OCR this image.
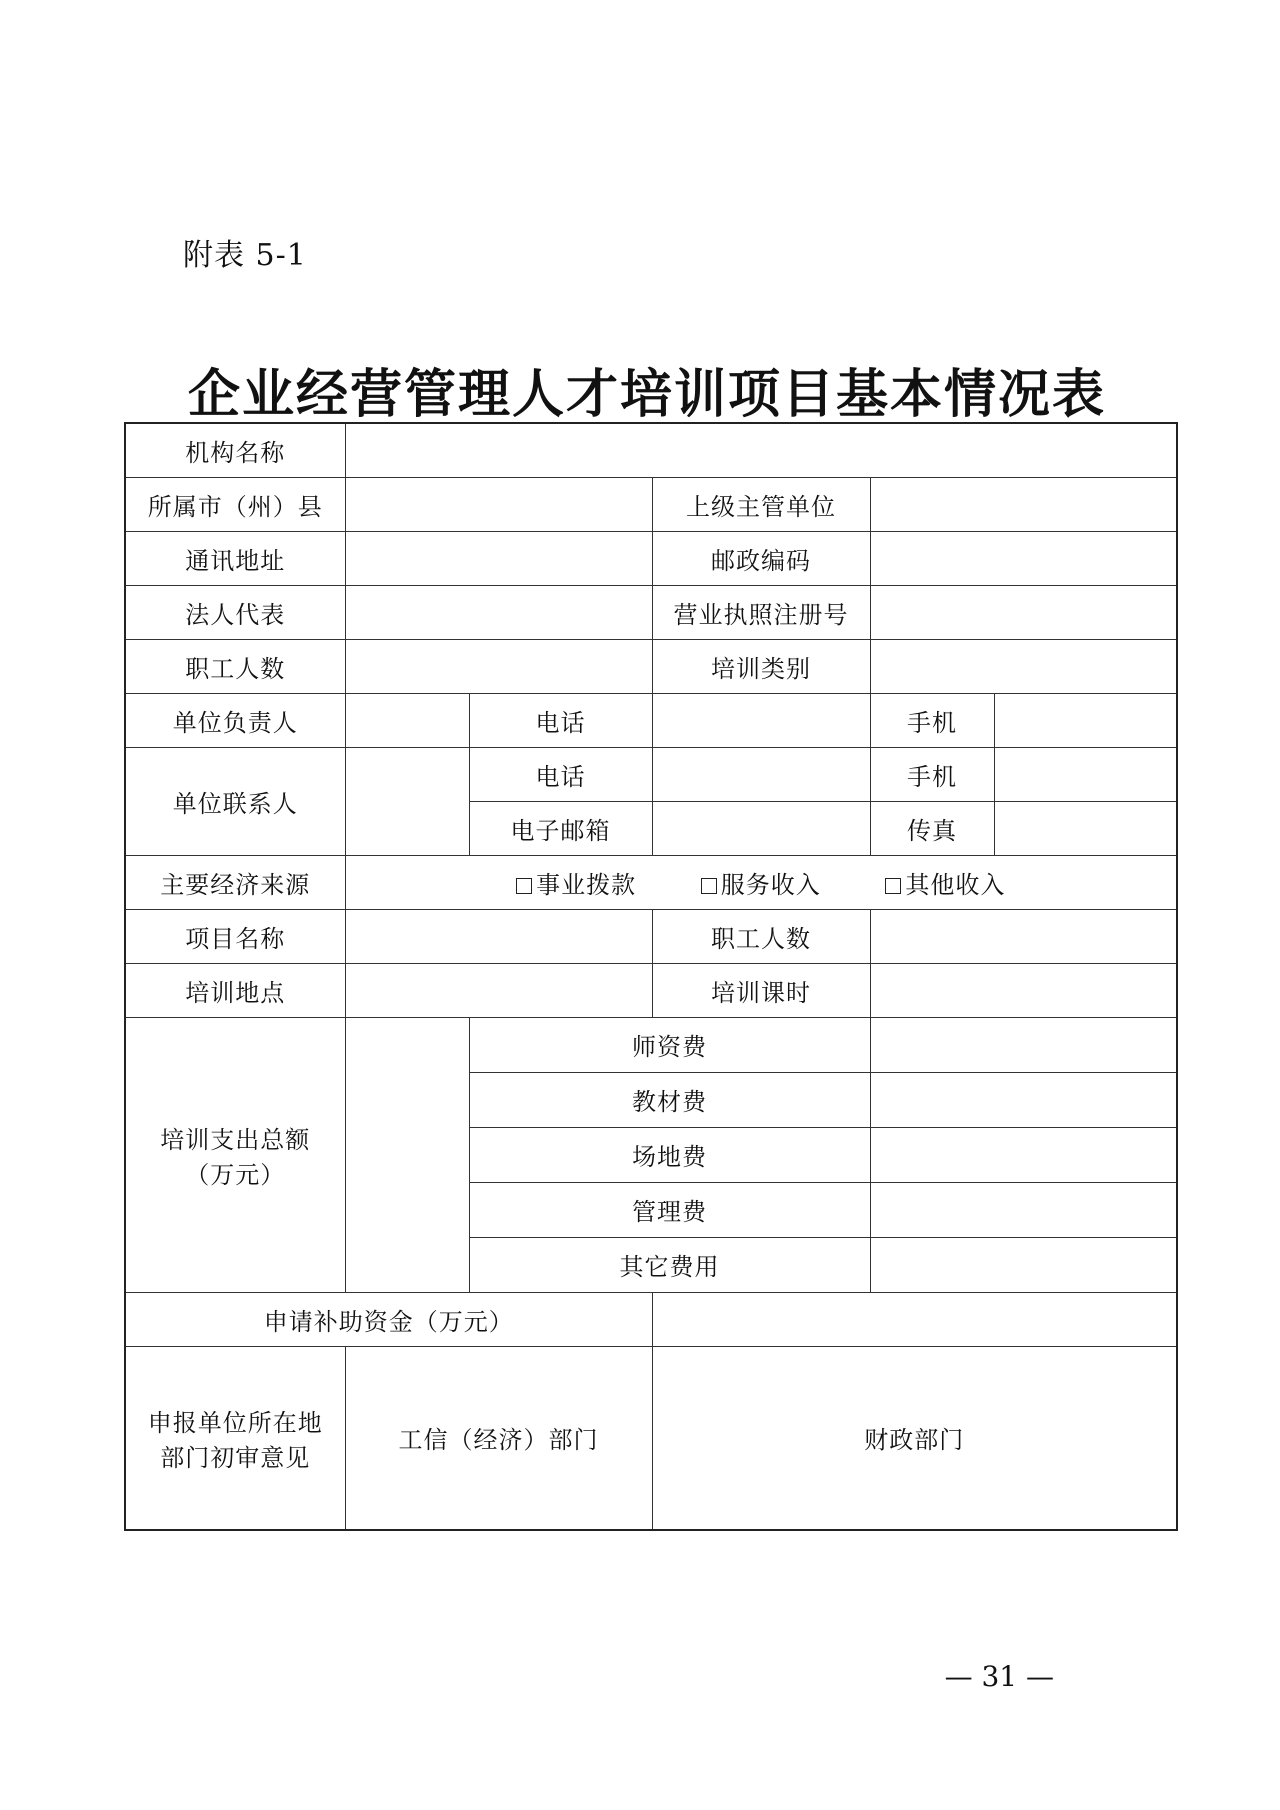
附表 5-1
企业经营管理人才培训项目基本情况表
机构名称					
所属市（州）县			上级主管单位		
通讯地址			邮政编码		
法人代表			营业执照注册号		
职工人数			培训类别		
单位负责人		电话		手机	
单位联系人		电话		手机	
		电子邮箱		传真	
主要经济来源	事业拨款 服务收入 其他收入				
项目名称			职工人数		
培训地点			培训课时		

培训支出总额
（万元）		师资费			
		教材费			
		场地费			
		管理费			
		其它费用			
申请补助资金（万元）					

申报单位所在地
部门初审意见	工信（经济）部门		财政部门		
— 31 —
